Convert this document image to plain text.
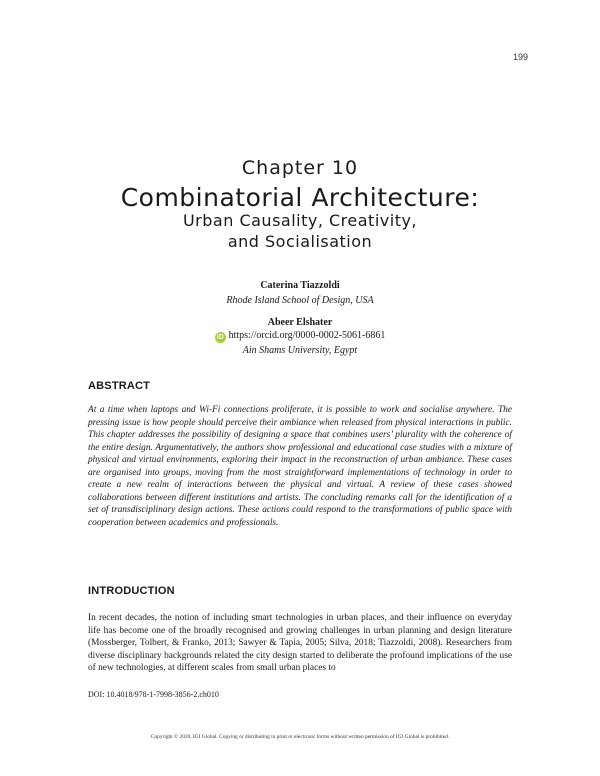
199
Chapter 10
Combinatorial Architecture:
Urban Causality, Creativity,
and Socialisation
Caterina Tiazzoldi
Rhode Island School of Design, USA
Abeer Elshater
iD https://orcid.org/0000-0002-5061-6861
Ain Shams University, Egypt
ABSTRACT

At a time when laptops and Wi-Fi connections proliferate, it is possible to work and socialise anywhere. The pressing issue is how people should perceive their ambiance when released from physical interactions in public. This chapter addresses the possibility of designing a space that combines users’ plurality with the coherence of the entire design. Argumentatively, the authors show professional and educational case studies with a mixture of physical and virtual environments, exploring their impact in the reconstruction of urban ambiance. These cases are organised into groups, moving from the most straightforward implementations of technology in order to create a new realm of interactions between the physical and virtual. A review of these cases showed collaborations between different institutions and artists. The concluding remarks call for the identification of a set of transdisciplinary design actions. These actions could respond to the transformations of public space with cooperation between academics and professionals.

INTRODUCTION

In recent decades, the notion of including smart technologies in urban places, and their influence on everyday life has become one of the broadly recognised and growing challenges in urban planning and design literature (Mossberger, Tolbert, & Franko, 2013; Sawyer & Tapia, 2005; Silva, 2018; Tiazzoldi, 2008). Researchers from diverse disciplinary backgrounds related the city design started to deliberate the profound implications of the use of new technologies, at different scales from small urban places to

DOI: 10.4018/978-1-7998-3856-2.ch010
Copyright © 2020, IGI Global. Copying or distributing in print or electronic forms without written permission of IGI Global is prohibited.
